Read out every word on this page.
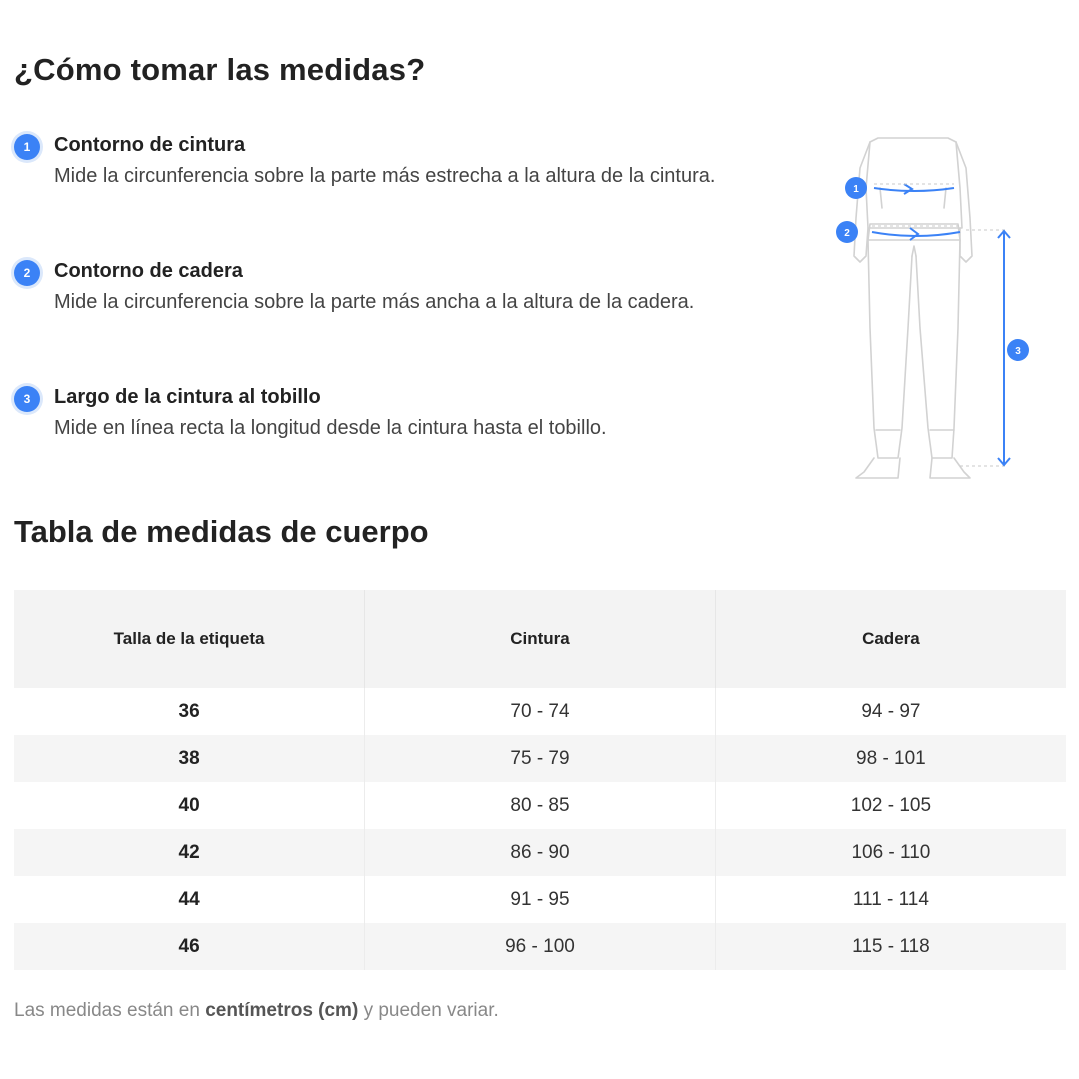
¿Cómo tomar las medidas?
1	Contorno de cintura
Mide la circunferencia sobre la parte más estrecha a la altura de la cintura.
2	Contorno de cadera
Mide la circunferencia sobre la parte más ancha a la altura de la cadera.
3	Largo de la cintura al tobillo
Mide en línea recta la longitud desde la cintura hasta el tobillo.
1
2
3
Tabla de medidas de cuerpo
Talla de la etiqueta	Cintura	Cadera
36	70 - 74	94 - 97
38	75 - 79	98 - 101
40	80 - 85	102 - 105
42	86 - 90	106 - 110
44	91 - 95	111 - 114
46	96 - 100	115 - 118
Las medidas están en centímetros (cm) y pueden variar.
